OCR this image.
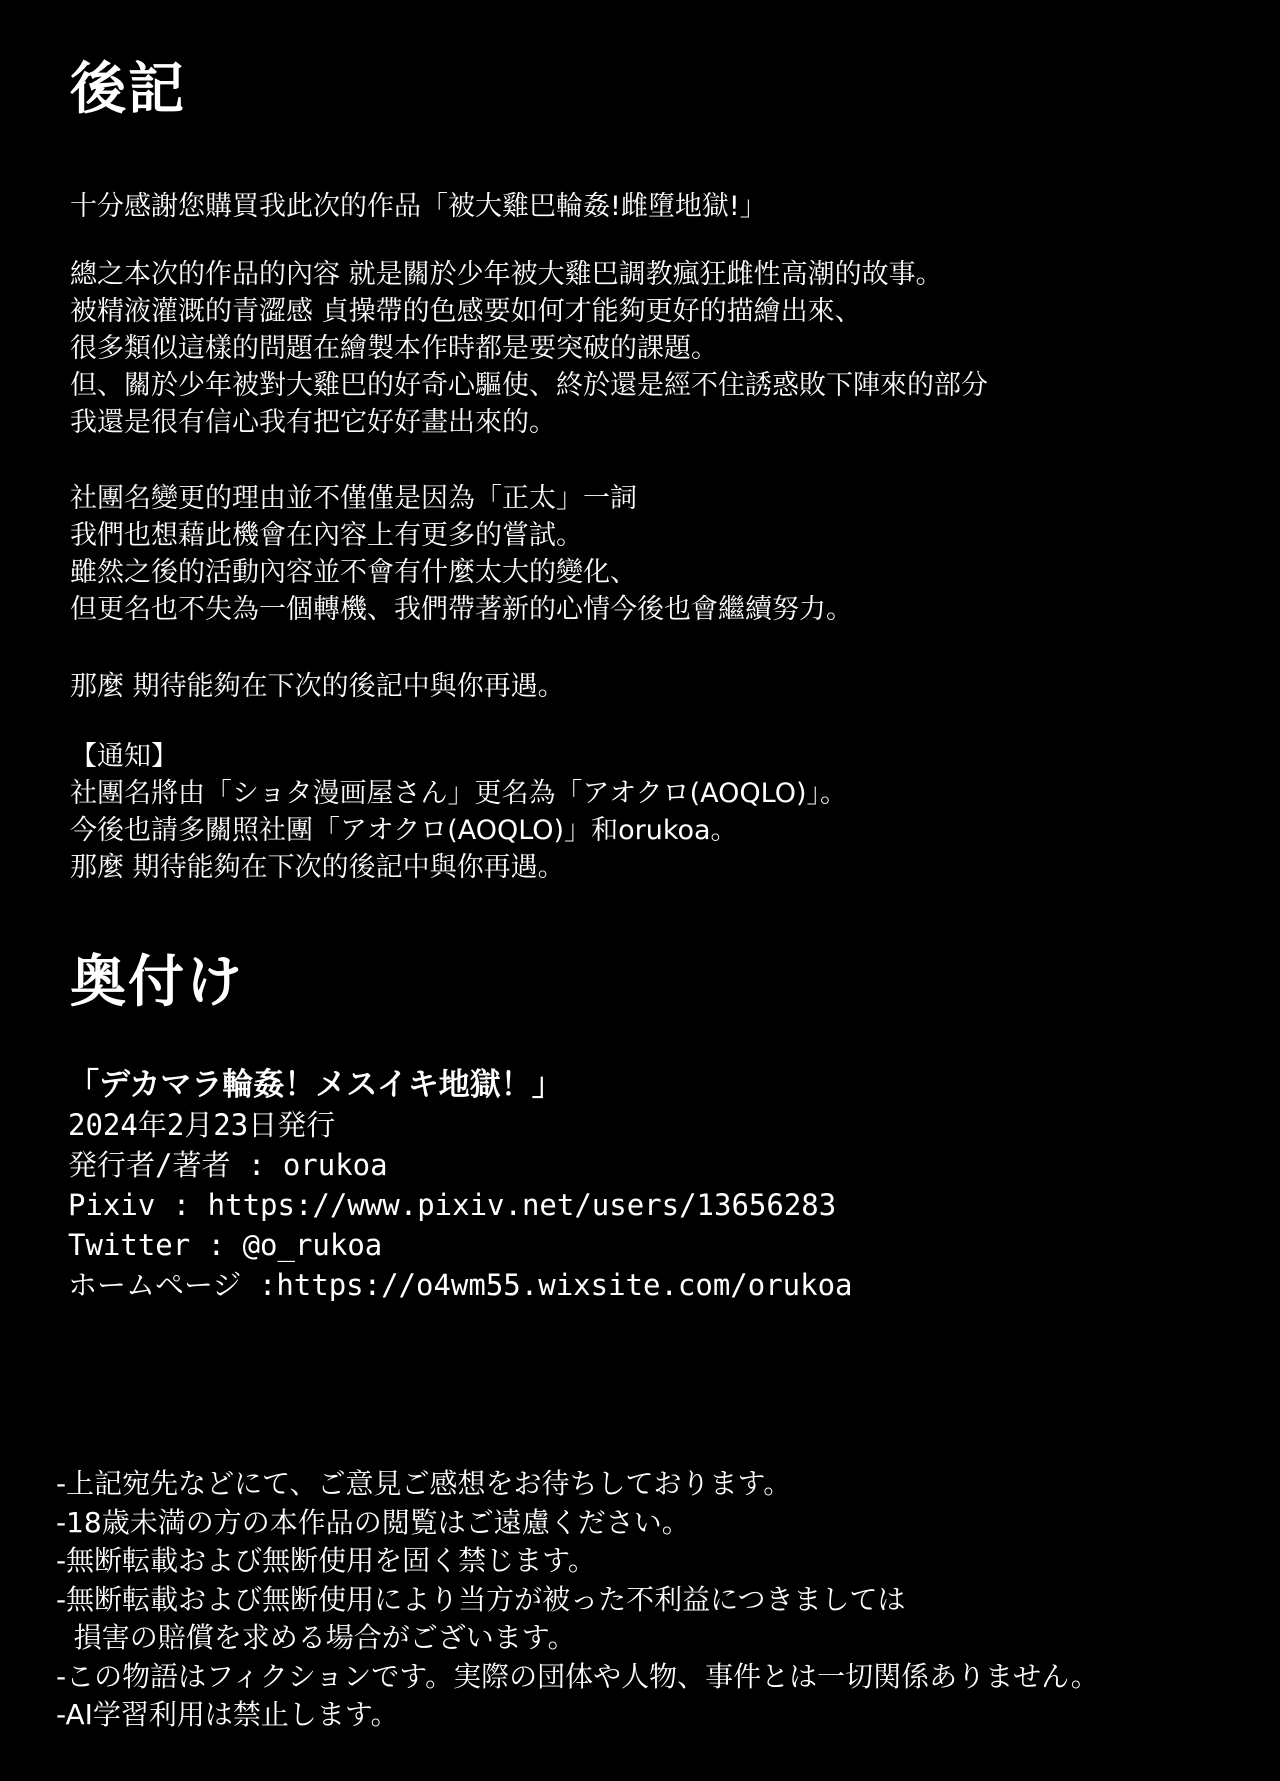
後記
十分感謝您購買我此次的作品「被大雞巴輪姦!雌墮地獄!」
總之本次的作品的內容 就是關於少年被大雞巴調教瘋狂雌性高潮的故事。
被精液灌溉的青澀感 貞操帶的色感要如何才能夠更好的描繪出來、
很多類似這樣的問題在繪製本作時都是要突破的課題。
但、關於少年被對大雞巴的好奇心驅使、終於還是經不住誘惑敗下陣來的部分
我還是很有信心我有把它好好畫出來的。
社團名變更的理由並不僅僅是因為「正太」一詞
我們也想藉此機會在內容上有更多的嘗試。
雖然之後的活動內容並不會有什麼太大的變化、
但更名也不失為一個轉機、我們帶著新的心情今後也會繼續努力。
那麼 期待能夠在下次的後記中與你再遇。
【通知】
社團名將由「ショタ漫画屋さん」更名為「アオクロ(AOQLO)」。
今後也請多關照社團「アオクロ(AOQLO)」和orukoa。
那麼 期待能夠在下次的後記中與你再遇。
奥付け
「デカマラ輪姦！メスイキ地獄！」
2024年2月23日発行
発行者/著者 : orukoa
Pixiv : https://www.pixiv.net/users/13656283
Twitter : @o_rukoa
ホームページ :https://o4wm55.wixsite.com/orukoa
-上記宛先などにて、ご意見ご感想をお待ちしております。
-18歳未満の方の本作品の閲覧はご遠慮ください。
-無断転載および無断使用を固く禁じます。
-無断転載および無断使用により当方が被った不利益につきましては
損害の賠償を求める場合がございます。
-この物語はフィクションです。実際の団体や人物、事件とは一切関係ありません。
-AI学習利用は禁止します。
